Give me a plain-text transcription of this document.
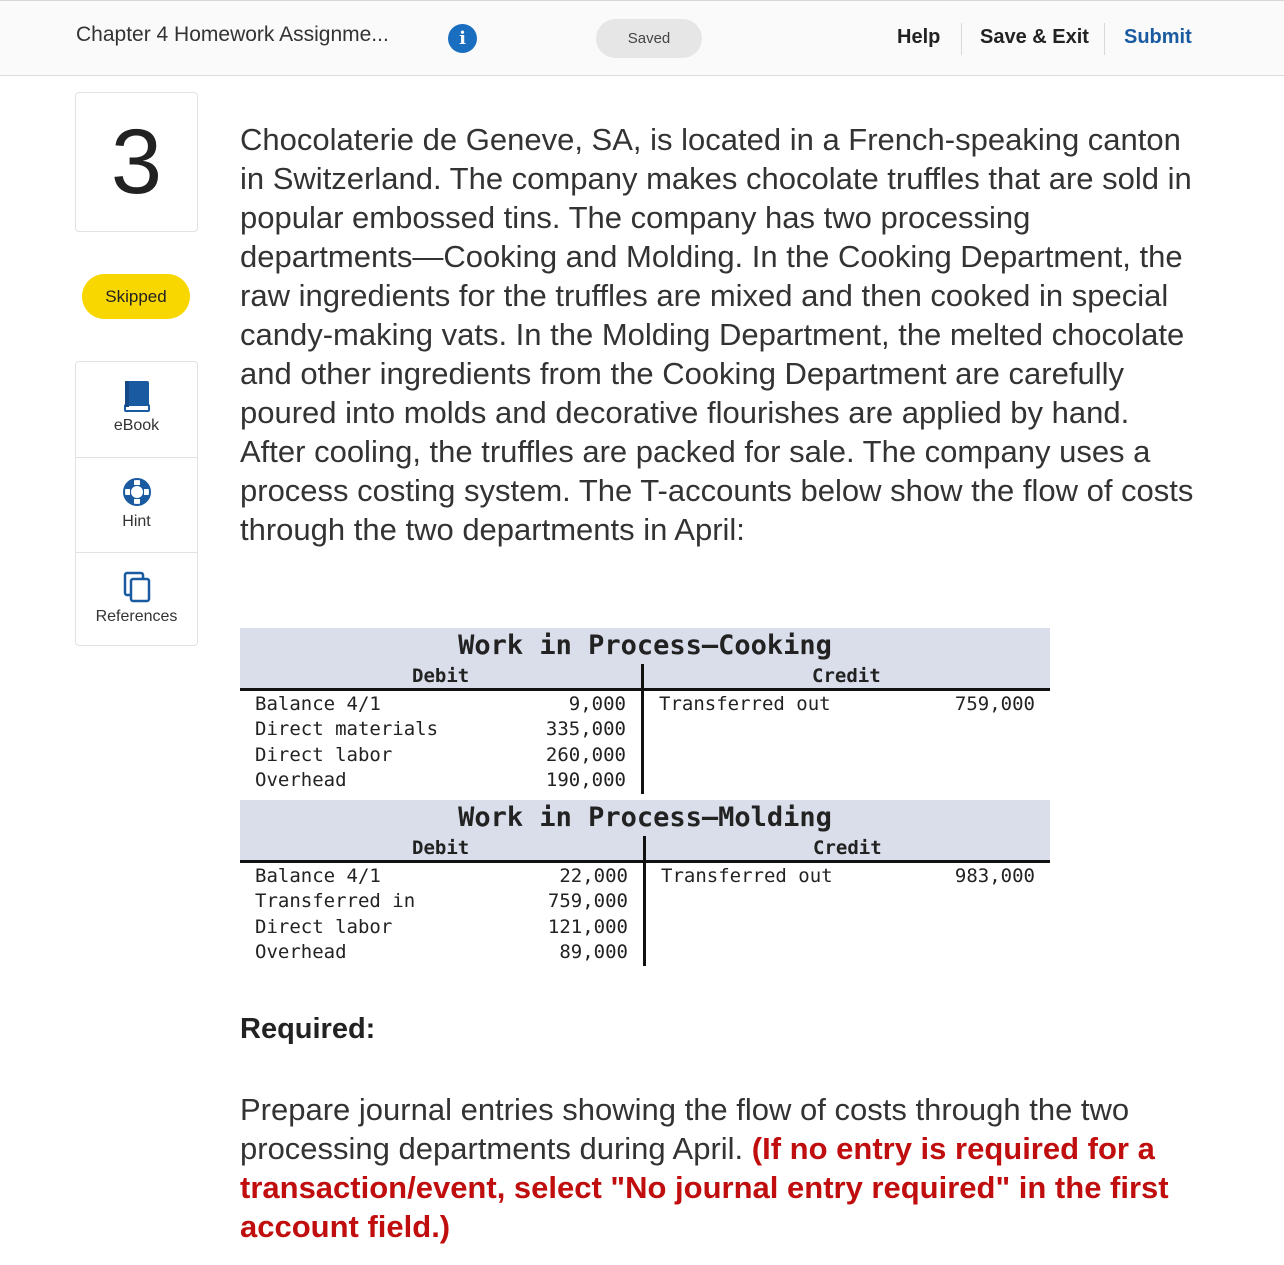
Chapter 4 Homework Assignme...	i	Saved	Help Save & Exit Submit
3
Skipped
eBook
Hint
References
Chocolaterie de Geneve, SA, is located in a French-speaking canton in Switzerland. The company makes chocolate truffles that are sold in popular embossed tins. The company has two processing departments—Cooking and Molding. In the Cooking Department, the raw ingredients for the truffles are mixed and then cooked in special candy-making vats. In the Molding Department, the melted chocolate and other ingredients from the Cooking Department are carefully poured into molds and decorative flourishes are applied by hand. After cooling, the truffles are packed for sale. The company uses a process costing system. The T-accounts below show the flow of costs through the two departments in April:
Work in Process—Cooking
Debit	Credit
Balance 4/1	9,000
Direct materials	335,000
Direct labor	260,000
Overhead	190,000
Transferred out	759,000
Work in Process—Molding
Debit	Credit
Balance 4/1	22,000
Transferred in	759,000
Direct labor	121,000
Overhead	89,000
Transferred out	983,000
Required:
Prepare journal entries showing the flow of costs through the two processing departments during April. (If no entry is required for a transaction/event, select "No journal entry required" in the first account field.)
